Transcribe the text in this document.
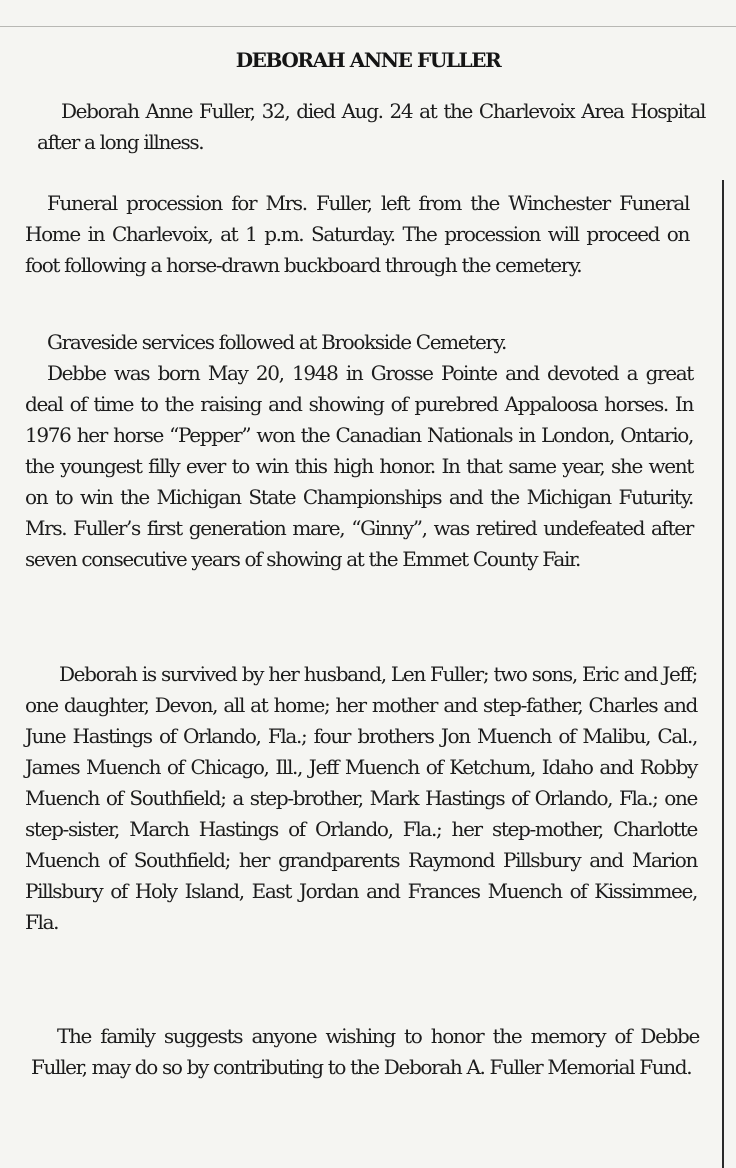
DEBORAH ANNE FULLER

Deborah Anne Fuller, 32, died Aug. 24 at the Charlevoix Area Hospital after a long illness.

Funeral procession for Mrs. Fuller, left from the Winchester Funeral Home in Charlevoix, at 1 p.m. Saturday. The procession will proceed on foot following a horse-drawn buckboard through the cemetery.

Graveside services followed at Brookside Cemetery.

Debbe was born May 20, 1948 in Grosse Pointe and devoted a great deal of time to the raising and showing of purebred Appaloosa horses. In 1976 her horse “Pepper” won the Canadian Nationals in London, Ontario, the youngest filly ever to win this high honor. In that same year, she went on to win the Michigan State Championships and the Michigan Futurity. Mrs. Fuller’s first generation mare, “Ginny”, was retired undefeated after seven consecutive years of showing at the Emmet County Fair.

Deborah is survived by her husband, Len Fuller; two sons, Eric and Jeff; one daughter, Devon, all at home; her mother and step-father, Charles and June Hastings of Orlando, Fla.; four brothers Jon Muench of Malibu, Cal., James Muench of Chicago, Ill., Jeff Muench of Ketchum, Idaho and Robby Muench of Southfield; a step-brother, Mark Hastings of Orlando, Fla.; one step-sister, March Hastings of Orlando, Fla.; her step-mother, Charlotte Muench of Southfield; her grandparents Raymond Pillsbury and Marion Pillsbury of Holy Island, East Jordan and Frances Muench of Kissimmee, Fla.

The family suggests anyone wishing to honor the memory of Debbe Fuller, may do so by contributing to the Deborah A. Fuller Memorial Fund.
